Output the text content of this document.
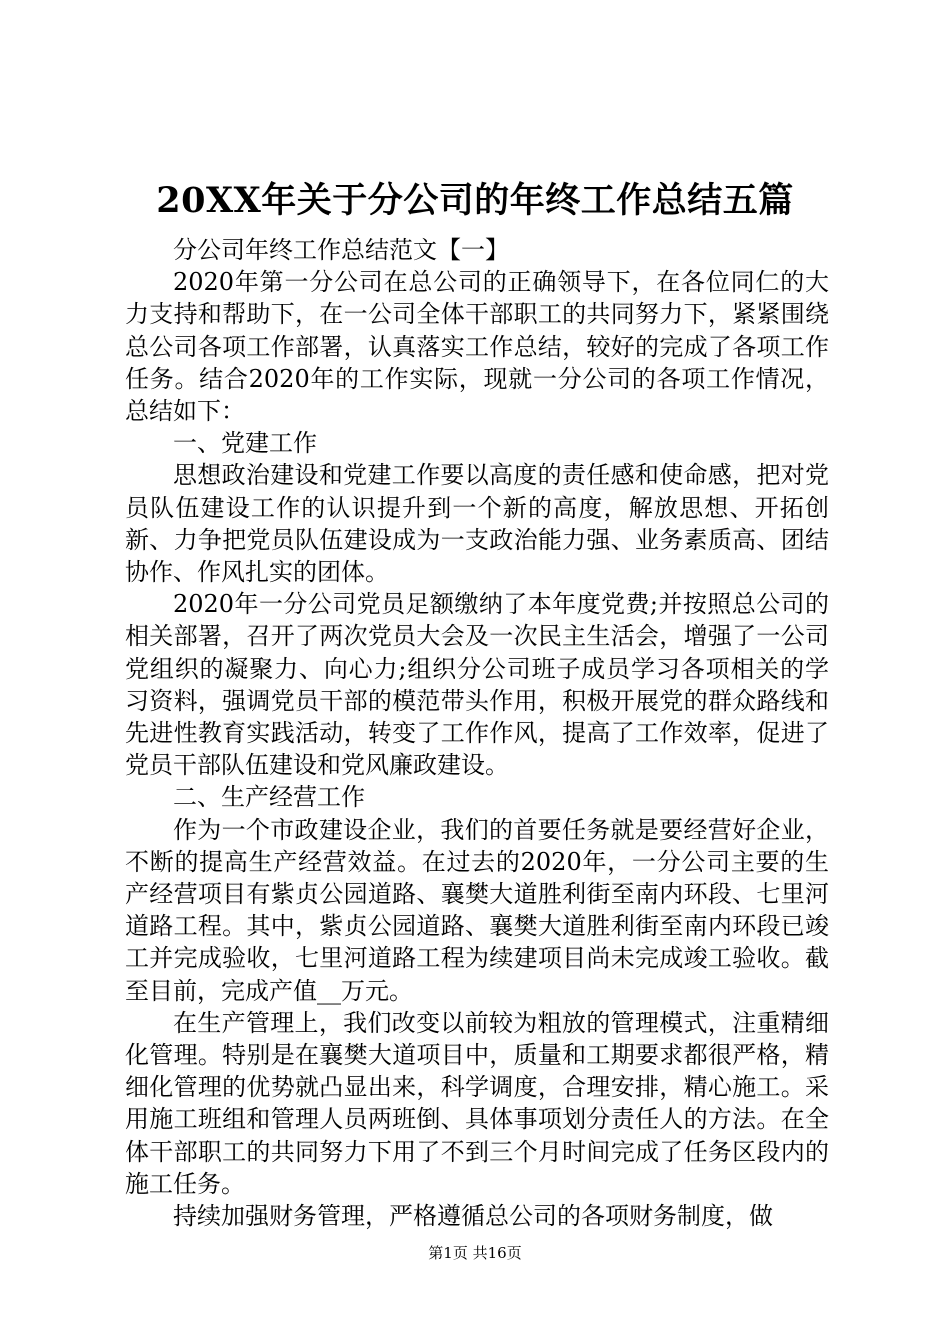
20XX年关于分公司的年终工作总结五篇

分公司年终工作总结范文【一】

2020年第一分公司在总公司的正确领导下，在各位同仁的大力支持和帮助下，在一公司全体干部职工的共同努力下，紧紧围绕总公司各项工作部署，认真落实工作总结，较好的完成了各项工作任务。结合2020年的工作实际，现就一分公司的各项工作情况，总结如下：

一、党建工作

思想政治建设和党建工作要以高度的责任感和使命感，把对党员队伍建设工作的认识提升到一个新的高度，解放思想、开拓创新、力争把党员队伍建设成为一支政治能力强、业务素质高、团结协作、作风扎实的团体。

2020年一分公司党员足额缴纳了本年度党费;并按照总公司的相关部署，召开了两次党员大会及一次民主生活会，增强了一公司党组织的凝聚力、向心力;组织分公司班子成员学习各项相关的学习资料，强调党员干部的模范带头作用，积极开展党的群众路线和先进性教育实践活动，转变了工作作风，提高了工作效率，促进了党员干部队伍建设和党风廉政建设。

二、生产经营工作

作为一个市政建设企业，我们的首要任务就是要经营好企业，不断的提高生产经营效益。在过去的2020年，一分公司主要的生产经营项目有紫贞公园道路、襄樊大道胜利街至南内环段、七里河道路工程。其中，紫贞公园道路、襄樊大道胜利街至南内环段已竣工并完成验收，七里河道路工程为续建项目尚未完成竣工验收。截至目前，完成产值__万元。

在生产管理上，我们改变以前较为粗放的管理模式，注重精细化管理。特别是在襄樊大道项目中，质量和工期要求都很严格，精细化管理的优势就凸显出来，科学调度，合理安排，精心施工。采用施工班组和管理人员两班倒、具体事项划分责任人的方法。在全体干部职工的共同努力下用了不到三个月时间完成了任务区段内的施工任务。

持续加强财务管理，严格遵循总公司的各项财务制度，做

第1页 共16页
